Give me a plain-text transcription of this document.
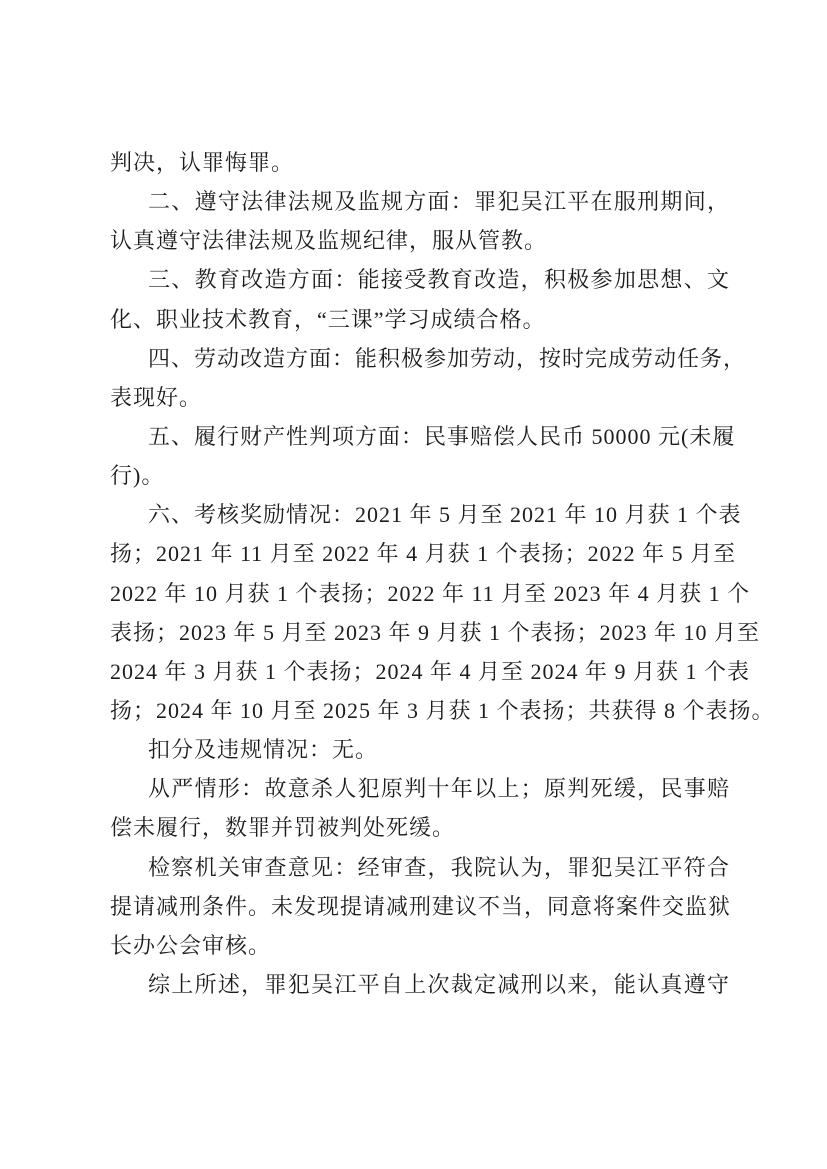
判决，认罪悔罪。
二、遵守法律法规及监规方面：罪犯吴江平在服刑期间，
认真遵守法律法规及监规纪律，服从管教。
三、教育改造方面：能接受教育改造，积极参加思想、文
化、职业技术教育，“三课”学习成绩合格。
四、劳动改造方面：能积极参加劳动，按时完成劳动任务，
表现好。
五、履行财产性判项方面：民事赔偿人民币 50000 元(未履
行)。
六、考核奖励情况：2021 年 5 月至 2021 年 10 月获 1 个表
扬；2021 年 11 月至 2022 年 4 月获 1 个表扬；2022 年 5 月至
2022 年 10 月获 1 个表扬；2022 年 11 月至 2023 年 4 月获 1 个
表扬；2023 年 5 月至 2023 年 9 月获 1 个表扬；2023 年 10 月至
2024 年 3 月获 1 个表扬；2024 年 4 月至 2024 年 9 月获 1 个表
扬；2024 年 10 月至 2025 年 3 月获 1 个表扬；共获得 8 个表扬。
扣分及违规情况：无。
从严情形：故意杀人犯原判十年以上；原判死缓，民事赔
偿未履行，数罪并罚被判处死缓。
检察机关审查意见：经审查，我院认为，罪犯吴江平符合
提请减刑条件。未发现提请减刑建议不当，同意将案件交监狱
长办公会审核。
综上所述，罪犯吴江平自上次裁定减刑以来，能认真遵守
